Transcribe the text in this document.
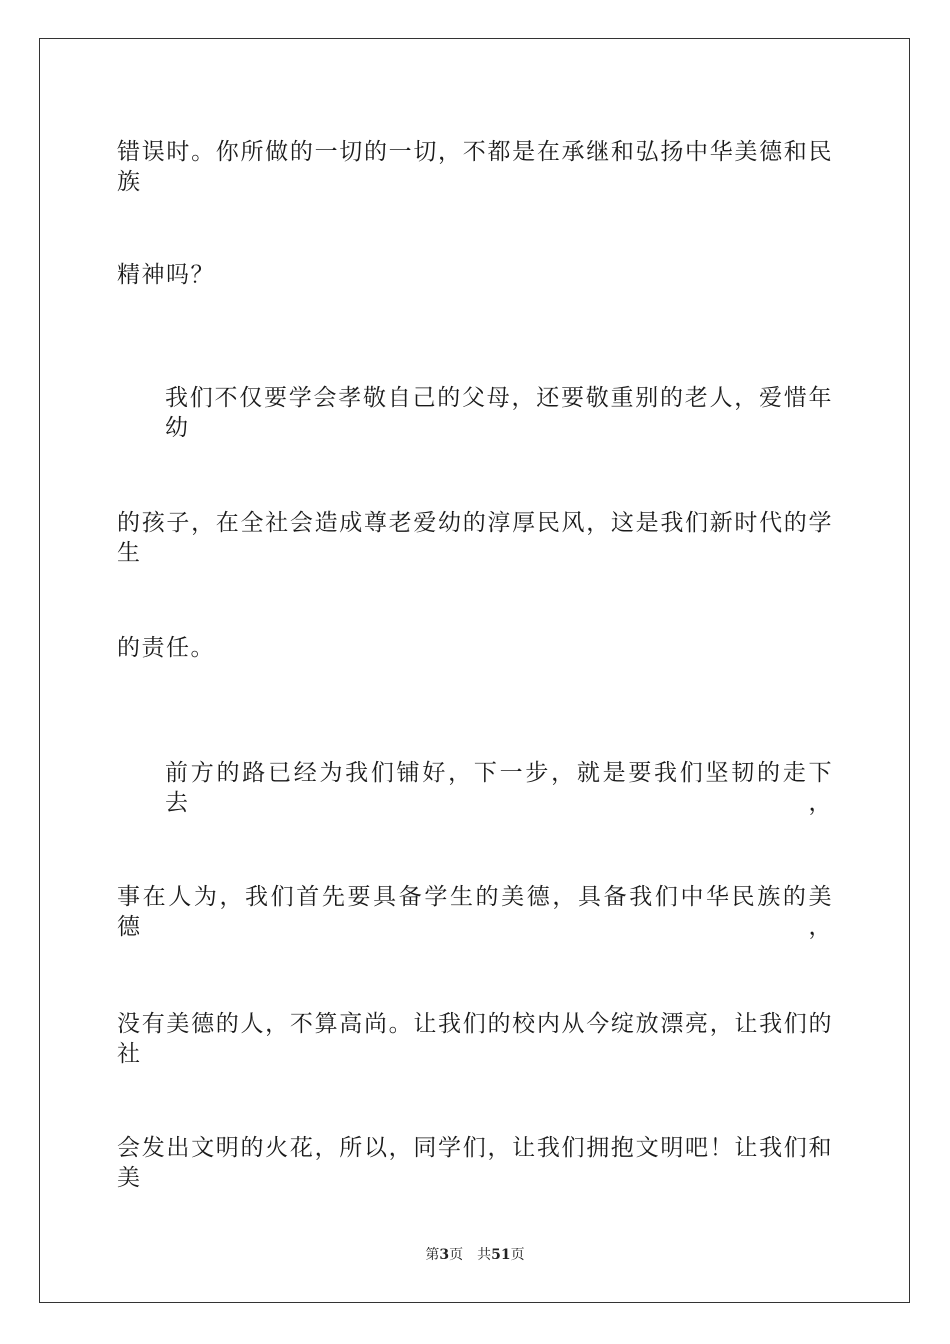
错误时。你所做的一切的一切，不都是在承继和弘扬中华美德和民族
精神吗？
我们不仅要学会孝敬自己的父母，还要敬重别的老人，爱惜年幼
的孩子，在全社会造成尊老爱幼的淳厚民风，这是我们新时代的学生
的责任。
前方的路已经为我们铺好，下一步，就是要我们坚韧的走下去，
事在人为，我们首先要具备学生的美德，具备我们中华民族的美德，
没有美德的人，不算高尚。让我们的校内从今绽放漂亮，让我们的社
会发出文明的火花，所以，同学们，让我们拥抱文明吧！让我们和美
第3页 共51页
